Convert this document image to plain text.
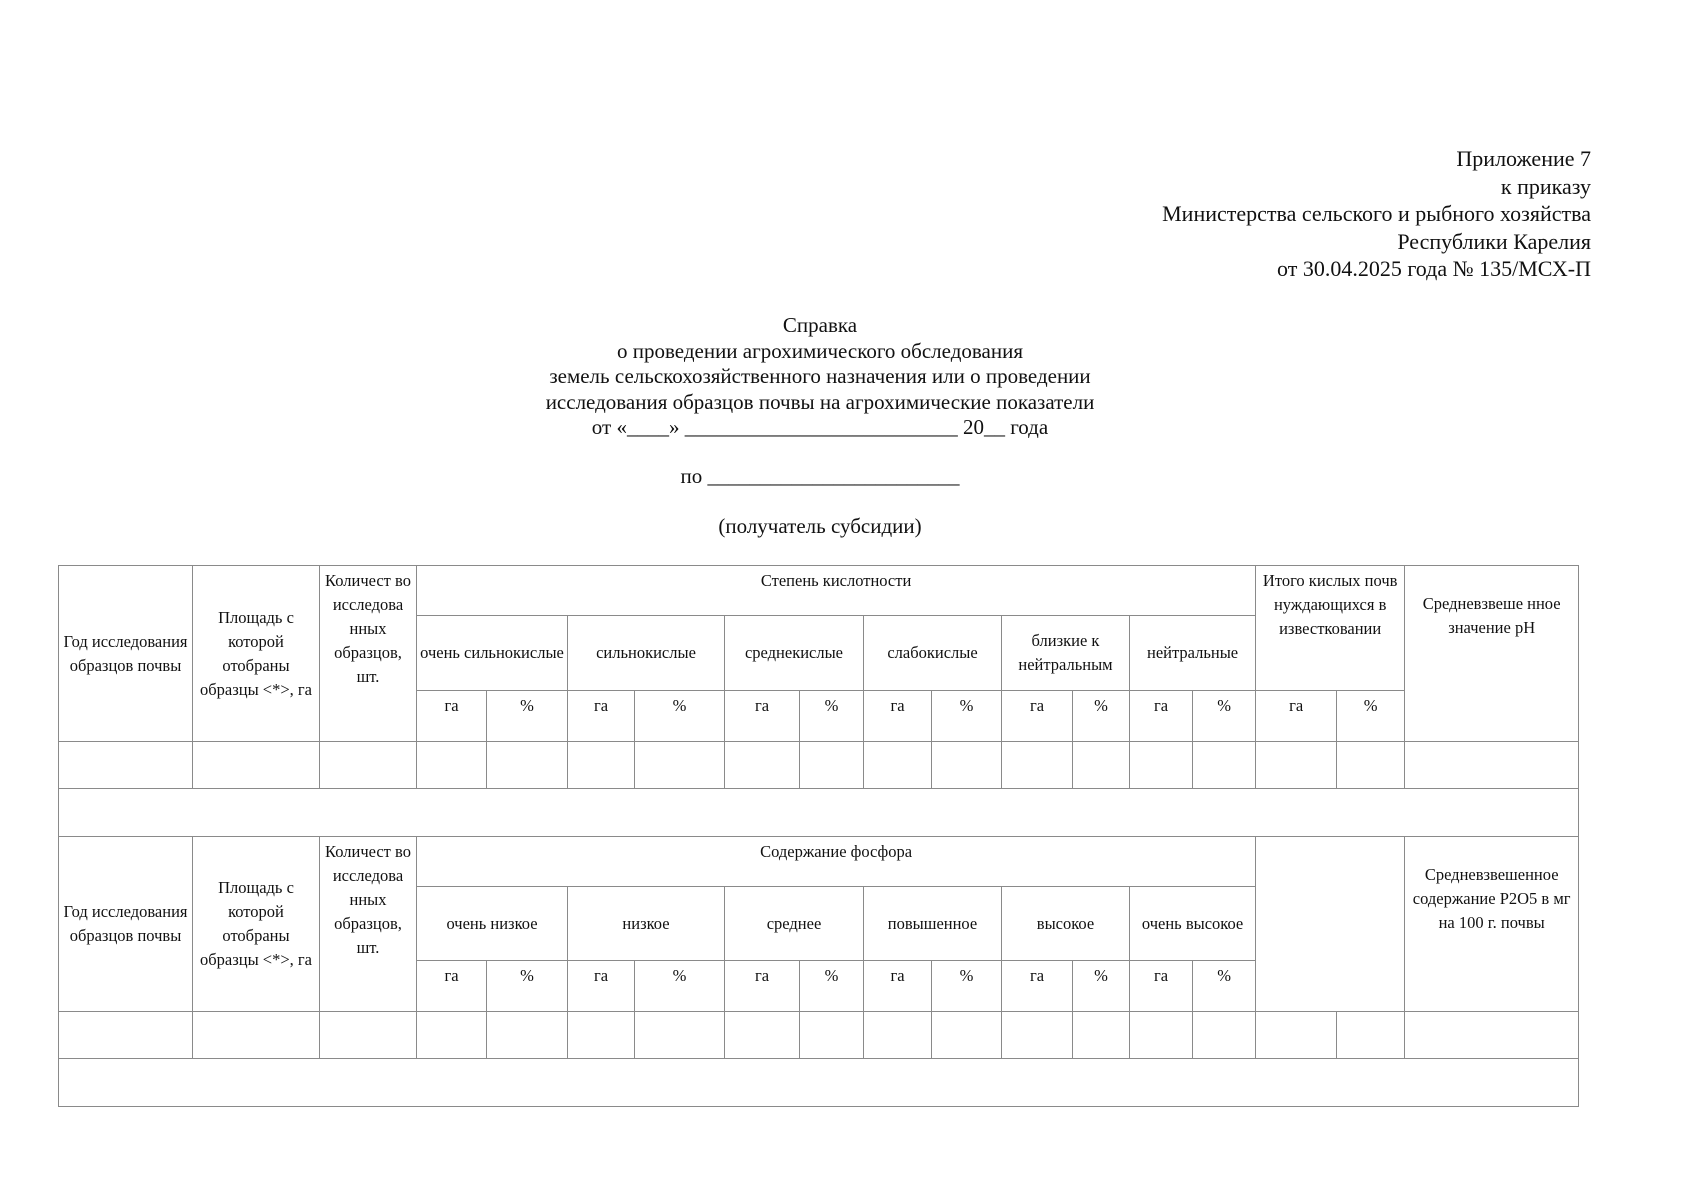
Приложение 7
к приказу
Министерства сельского и рыбного хозяйства
Республики Карелия
от 30.04.2025 года № 135/МСХ-П
Справка
о проведении агрохимического обследования
земель сельскохозяйственного назначения или о проведении
исследования образцов почвы на агрохимические показатели
от «____» __________________________ 20__ года
по ________________________
(получатель субсидии)
Год исследования образцов почвы	Площадь с которой отобраны образцы <*>, га	Количест во исследова нных образцов, шт.	Степень кислотности												Итого кислых почв нуждающихся в известковании		Средневзвеше нное значение pH
			очень сильнокислые		сильнокислые		среднекислые		слабокислые		близкие к нейтральным		нейтральные				
			га	%	га	%	га	%	га	%	га	%	га	%	га	%	

Год исследования образцов почвы	Площадь с которой отобраны образцы <*>, га	Количест во исследова нных образцов, шт.	Содержание фосфора														Средневзвешенное содержание P2O5 в мг на 100 г. почвы
			очень низкое		низкое		среднее		повышенное		высокое		очень высокое				
			га	%	га	%	га	%	га	%	га	%	га	%			
